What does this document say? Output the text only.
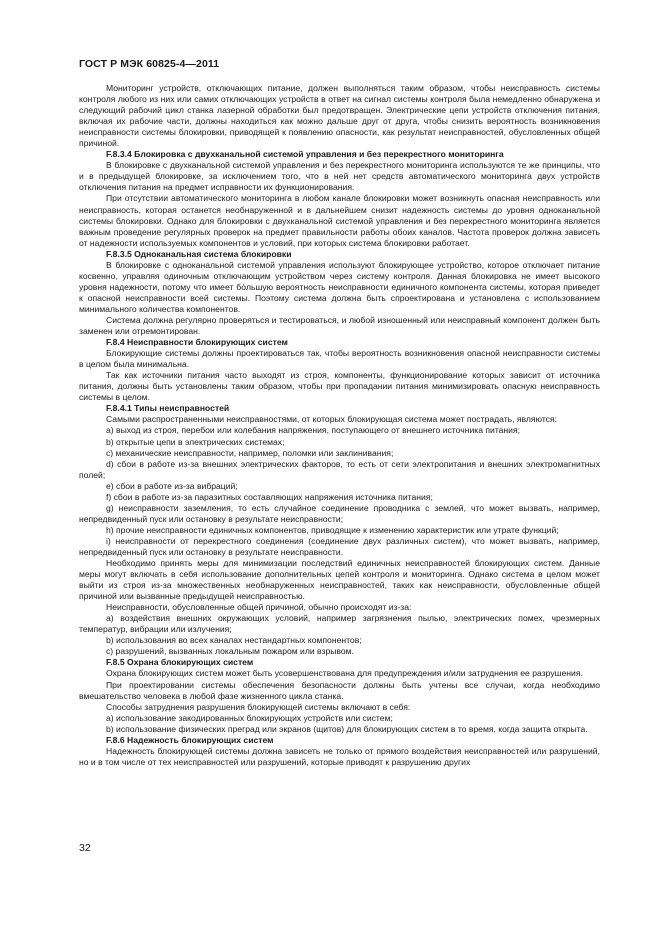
ГОСТ Р МЭК 60825-4—2011

Мониторинг устройств, отключающих питание, должен выполняться таким образом, чтобы неисправность системы контроля любого из них или самих отключающих устройств в ответ на сигнал системы контроля была немедленно обнаружена и следующий рабочий цикл станка лазерной обработки был предотвращен. Электрические цепи устройств отключения питания, включая их рабочие части, должны находиться как можно дальше друг от друга, чтобы снизить вероятность возникновения неисправности системы блокировки, приводящей к появлению опасности, как результат неисправностей, обусловленных общей причиной.

F.8.3.4 Блокировка с двухканальной системой управления и без перекрестного мониторинга

В блокировке с двухканальной системой управления и без перекрестного мониторинга используются те же принципы, что и в предыдущей блокировке, за исключением того, что в ней нет средств автоматического мониторинга двух устройств отключения питания на предмет исправности их функционирования.

При отсутствии автоматического мониторинга в любом канале блокировки может возникнуть опасная неисправность или неисправность, которая останется необнаруженной и в дальнейшем снизит надежность системы до уровня одноканальной системы блокировки. Однако для блокировки с двухканальной системой управления и без перекрестного мониторинга является важным проведение регулярных проверок на предмет правильности работы обоих каналов. Частота проверок должна зависеть от надежности используемых компонентов и условий, при которых система блокировки работает.

F.8.3.5 Одноканальная система блокировки

В блокировке с одноканальной системой управления используют блокирующее устройство, которое отключает питание косвенно, управляя одиночным отключающим устройством через систему контроля. Данная блокировка не имеет высокого уровня надежности, потому что имеет бо́льшую вероятность неисправности единичного компонента системы, которая приведет к опасной неисправности всей системы. Поэтому система должна быть спроектирована и установлена с использованием минимального количества компонентов.

Система должна регулярно проверяться и тестироваться, и любой изношенный или неисправный компонент должен быть заменен или отремонтирован.

F.8.4 Неисправности блокирующих систем

Блокирующие системы должны проектироваться так, чтобы вероятность возникновения опасной неисправности системы в целом была минимальна.

Так как источники питания часто выходят из строя, компоненты, функционирование которых зависит от источника питания, должны быть установлены таким образом, чтобы при пропадании питания минимизировать опасную неисправность системы в целом.

F.8.4.1 Типы неисправностей

Самыми распространенными неисправностями, от которых блокирующая система может пострадать, являются:

а) выход из строя, перебои или колебания напряжения, поступающего от внешнего источника питания;

b) открытые цепи в электрических системах;

c) механические неисправности, например, поломки или заклинивания;

d) сбои в работе из-за внешних электрических факторов, то есть от сети электропитания и внешних электромагнитных полей;

e) сбои в работе из-за вибраций;

f) сбои в работе из-за паразитных составляющих напряжения источника питания;

g) неисправности заземления, то есть случайное соединение проводника с землей, что может вызвать, например, непредвиденный пуск или остановку в результате неисправности;

h) прочие неисправности единичных компонентов, приводящие к изменению характеристик или утрате функций;

i) неисправности от перекрестного соединения (соединение двух различных систем), что может вызвать, например, непредвиденный пуск или остановку в результате неисправности.

Необходимо принять меры для минимизации последствий единичных неисправностей блокирующих систем. Данные меры могут включать в себя использование дополнительных цепей контроля и мониторинга. Однако система в целом может выйти из строя из-за множественных необнаруженных неисправностей, таких как неисправности, обусловленные общей причиной или вызванные предыдущей неисправностью.

Неисправности, обусловленные общей причиной, обычно происходят из-за:

а) воздействия внешних окружающих условий, например загрязнения пылью, электрических помех, чрезмерных температур, вибрации или излучения;

b) использования во всех каналах нестандартных компонентов;

c) разрушений, вызванных локальным пожаром или взрывом.

F.8.5 Охрана блокирующих систем

Охрана блокирующих систем может быть усовершенствована для предупреждения и/или затруднения ее разрушения.

При проектировании системы обеспечения безопасности должны быть учтены все случаи, когда необходимо вмешательство человека в любой фазе жизненного цикла станка.

Способы затруднения разрушения блокирующей системы включают в себя:

а) использование закодированных блокирующих устройств или систем;

b) использование физических преград или экранов (щитов) для блокирующих систем в то время, когда защита открыта.

F.8.6 Надежность блокирующих систем

Надежность блокирующей системы должна зависеть не только от прямого воздействия неисправностей или разрушений, но и в том числе от тех неисправностей или разрушений, которые приводят к разрушению других

32
